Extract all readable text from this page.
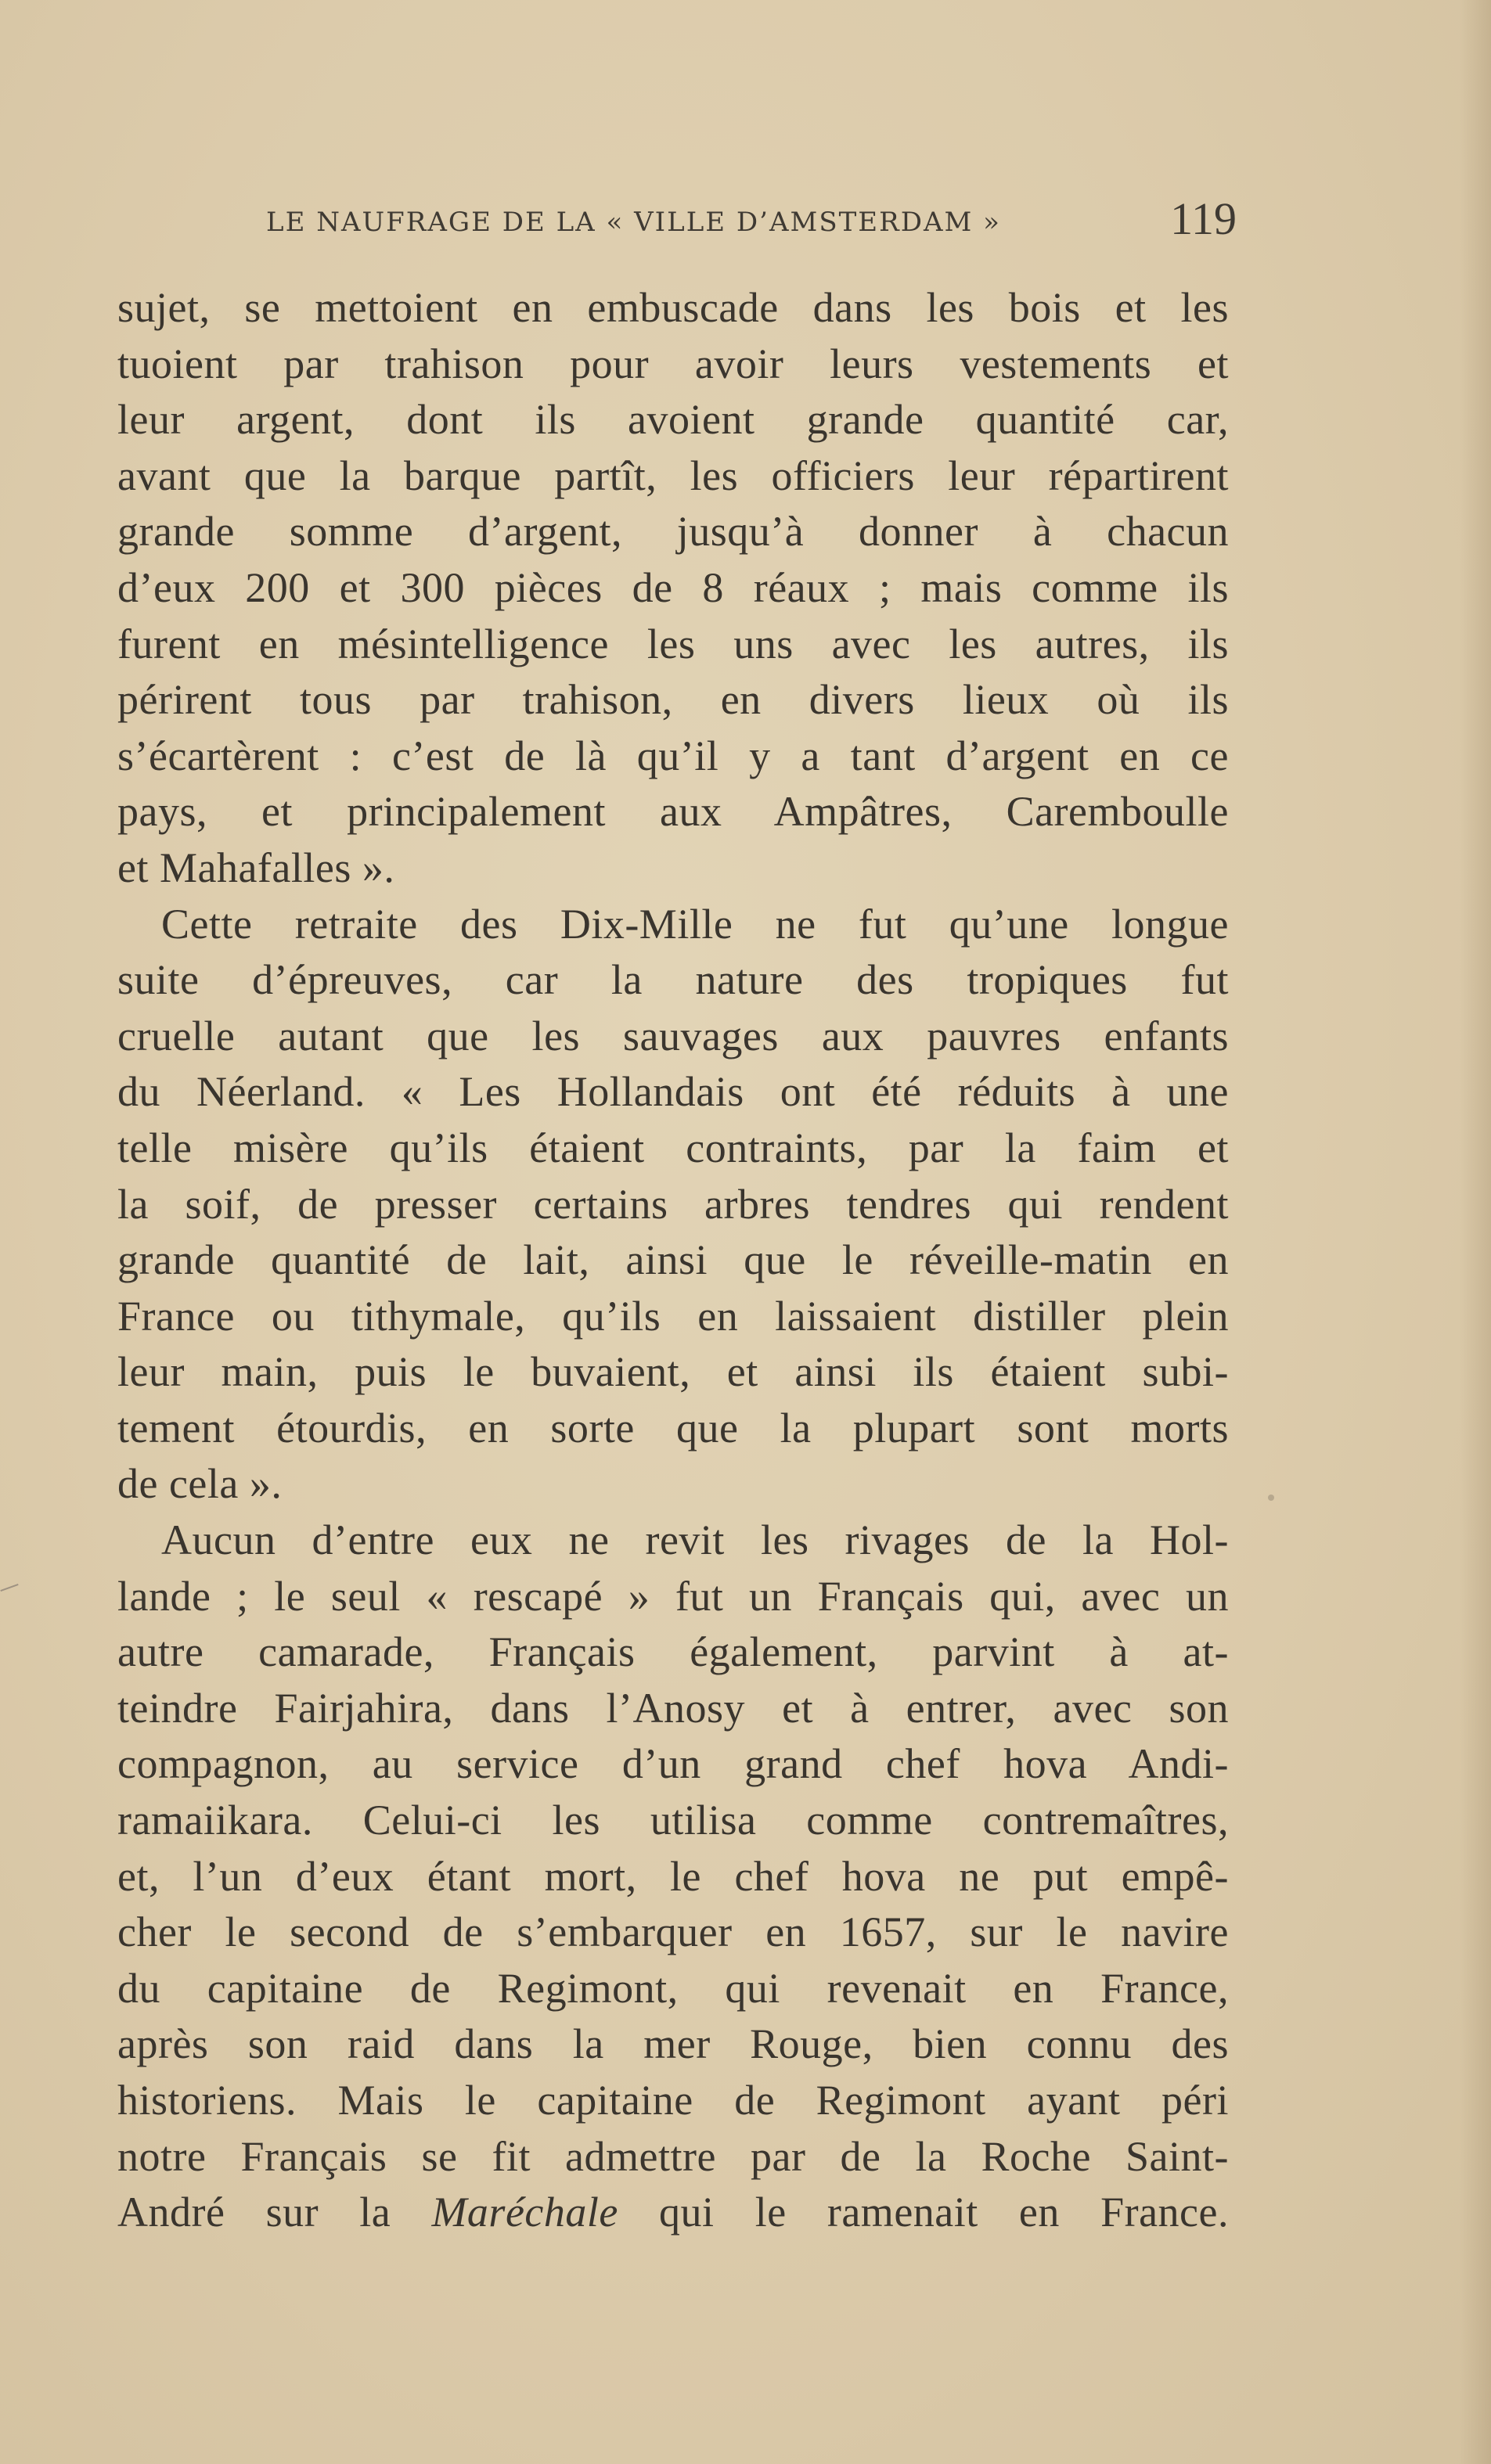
LE NAUFRAGE DE LA « VILLE D’AMSTERDAM »	119
sujet, se mettoient en embuscade dans les bois et les
tuoient par trahison pour avoir leurs vestements et
leur argent, dont ils avoient grande quantité car,
avant que la barque partît, les officiers leur répartirent
grande somme d’argent, jusqu’à donner à chacun
d’eux 200 et 300 pièces de 8 réaux ; mais comme ils
furent en mésintelligence les uns avec les autres, ils
périrent tous par trahison, en divers lieux où ils
s’écartèrent : c’est de là qu’il y a tant d’argent en ce
pays, et principalement aux Ampâtres, Caremboulle
et Mahafalles ».
Cette retraite des Dix-Mille ne fut qu’une longue
suite d’épreuves, car la nature des tropiques fut
cruelle autant que les sauvages aux pauvres enfants
du Néerland. « Les Hollandais ont été réduits à une
telle misère qu’ils étaient contraints, par la faim et
la soif, de presser certains arbres tendres qui rendent
grande quantité de lait, ainsi que le réveille-matin en
France ou tithymale, qu’ils en laissaient distiller plein
leur main, puis le buvaient, et ainsi ils étaient subi-
tement étourdis, en sorte que la plupart sont morts
de cela ».
Aucun d’entre eux ne revit les rivages de la Hol-
lande ; le seul « rescapé » fut un Français qui, avec un
autre camarade, Français également, parvint à at-
teindre Fairjahira, dans l’Anosy et à entrer, avec son
compagnon, au service d’un grand chef hova Andi-
ramaiikara. Celui-ci les utilisa comme contremaîtres,
et, l’un d’eux étant mort, le chef hova ne put empê-
cher le second de s’embarquer en 1657, sur le navire
du capitaine de Regimont, qui revenait en France,
après son raid dans la mer Rouge, bien connu des
historiens. Mais le capitaine de Regimont ayant péri
notre Français se fit admettre par de la Roche Saint-
André sur la Maréchale qui le ramenait en France.
